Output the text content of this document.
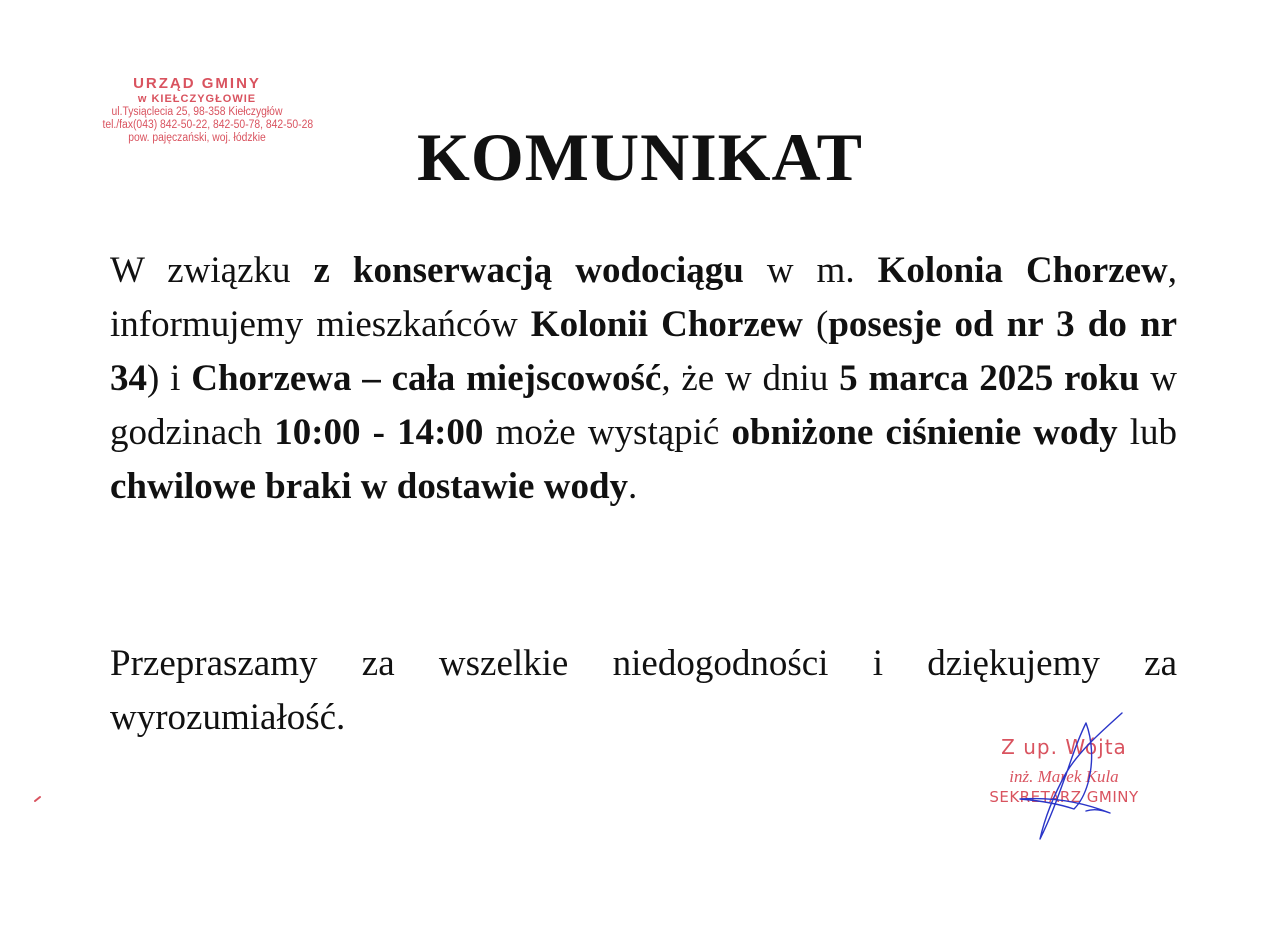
URZĄD GMINY
w KIEŁCZYGŁOWIE
ul.Tysiąclecia 25, 98-358 Kiełczygłów
tel./fax(043) 842-50-22, 842-50-78, 842-50-28
pow. pajęczański, woj. łódzkie	KOMUNIKAT

W związku z konserwacją wodociągu w m. Kolonia Chorzew, informujemy mieszkańców Kolonii Chorzew (posesje od nr 3 do nr 34) i Chorzewa – cała miejscowość, że w dniu 5 marca 2025 roku w godzinach 10:00 - 14:00 może wystąpić obniżone ciśnienie wody lub chwilowe braki w dostawie wody.

Przepraszamy za wszelkie niedogodności i dziękujemy za wyrozumiałość.

Z up. Wójta
inż. Marek Kula
SEKRETARZ GMINY
